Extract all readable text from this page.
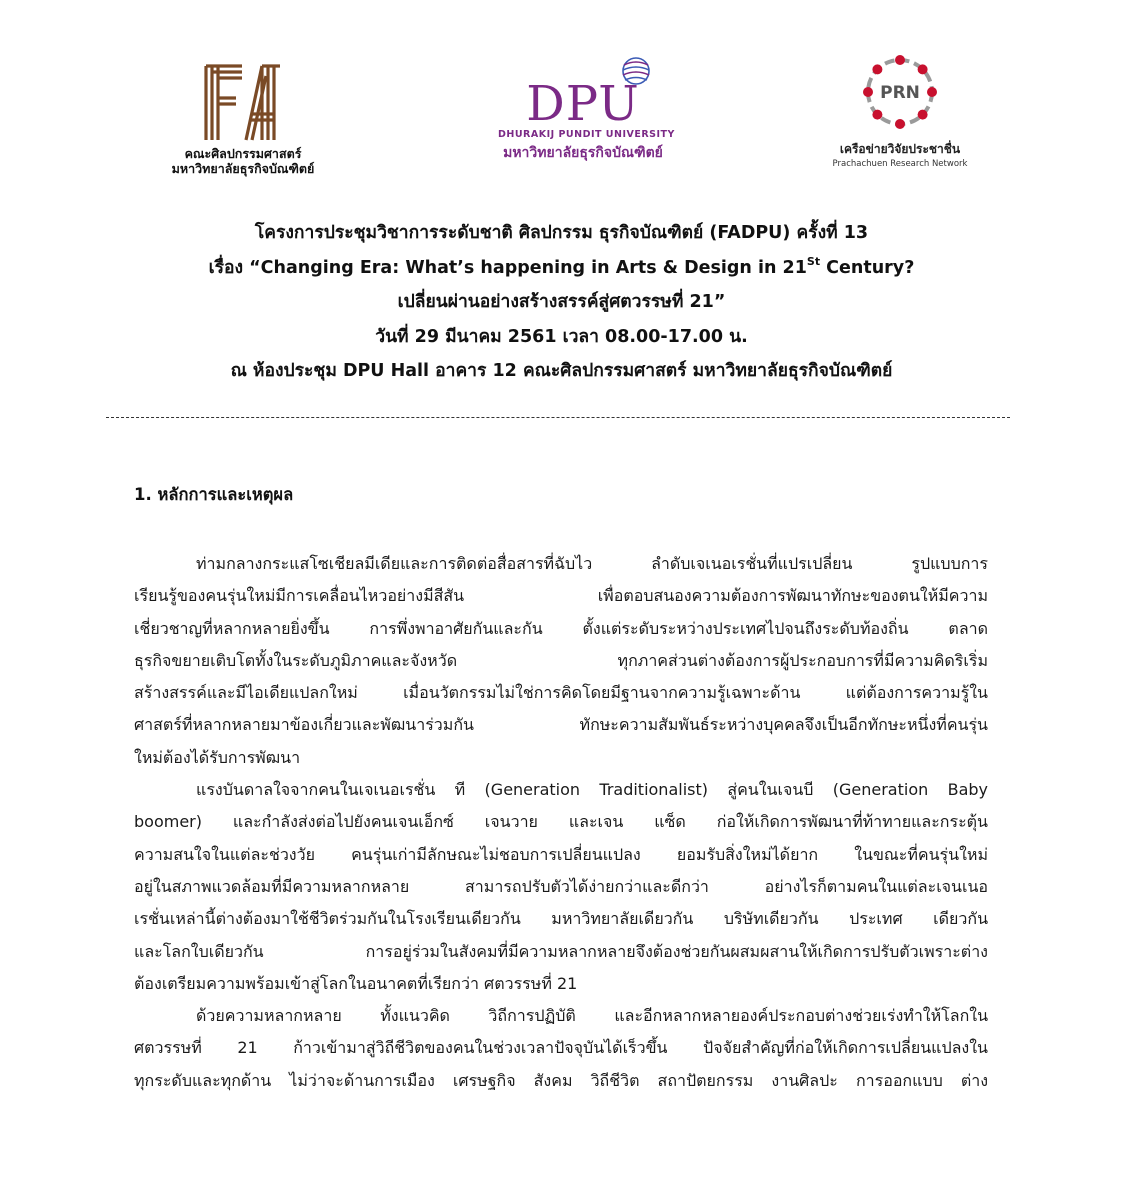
คณะศิลปกรรมศาสตร์
มหาวิทยาลัยธุรกิจบัณฑิตย์
DPU
DHURAKIJ PUNDIT UNIVERSITY
มหาวิทยาลัยธุรกิจบัณฑิตย์
PRN
เครือข่ายวิจัยประชาชื่น
Prachachuen Research Network
โครงการประชุมวิชาการระดับชาติ ศิลปกรรม ธุรกิจบัณฑิตย์ (FADPU) ครั้งที่ 13
เรื่อง “Changing Era: What’s happening in Arts & Design in 21St Century?
เปลี่ยนผ่านอย่างสร้างสรรค์สู่ศตวรรษที่ 21”
วันที่ 29 มีนาคม 2561 เวลา 08.00-17.00 น.
ณ ห้องประชุม DPU Hall อาคาร 12 คณะศิลปกรรมศาสตร์ มหาวิทยาลัยธุรกิจบัณฑิตย์
1. หลักการและเหตุผล
ท่ามกลางกระแสโซเชียลมีเดียและการติดต่อสื่อสารที่ฉับไว ลำดับเจเนอเรชั่นที่แปรเปลี่ยน รูปแบบการ
เรียนรู้ของคนรุ่นใหม่มีการเคลื่อนไหวอย่างมีสีสัน เพื่อตอบสนองความต้องการพัฒนาทักษะของตนให้มีความ
เชี่ยวชาญที่หลากหลายยิ่งขึ้น การพึ่งพาอาศัยกันและกัน ตั้งแต่ระดับระหว่างประเทศไปจนถึงระดับท้องถิ่น ตลาด
ธุรกิจขยายเติบโตทั้งในระดับภูมิภาคและจังหวัด ทุกภาคส่วนต่างต้องการผู้ประกอบการที่มีความคิดริเริ่ม
สร้างสรรค์และมีไอเดียแปลกใหม่ เมื่อนวัตกรรมไม่ใช่การคิดโดยมีฐานจากความรู้เฉพาะด้าน แต่ต้องการความรู้ใน
ศาสตร์ที่หลากหลายมาข้องเกี่ยวและพัฒนาร่วมกัน ทักษะความสัมพันธ์ระหว่างบุคคลจึงเป็นอีกทักษะหนึ่งที่คนรุ่น
ใหม่ต้องได้รับการพัฒนา
แรงบันดาลใจจากคนในเจเนอเรชั่น ที (Generation Traditionalist) สู่คนในเจนบี (Generation Baby
boomer) และกำลังส่งต่อไปยังคนเจนเอ็กซ์ เจนวาย และเจน แซ็ด ก่อให้เกิดการพัฒนาที่ท้าทายและกระตุ้น
ความสนใจในแต่ละช่วงวัย คนรุ่นเก่ามีลักษณะไม่ชอบการเปลี่ยนแปลง ยอมรับสิ่งใหม่ได้ยาก ในขณะที่คนรุ่นใหม่
อยู่ในสภาพแวดล้อมที่มีความหลากหลาย สามารถปรับตัวได้ง่ายกว่าและดีกว่า อย่างไรก็ตามคนในแต่ละเจนเนอ
เรชั่นเหล่านี้ต่างต้องมาใช้ชีวิตร่วมกันในโรงเรียนเดียวกัน มหาวิทยาลัยเดียวกัน บริษัทเดียวกัน ประเทศ เดียวกัน
และโลกใบเดียวกัน การอยู่ร่วมในสังคมที่มีความหลากหลายจึงต้องช่วยกันผสมผสานให้เกิดการปรับตัวเพราะต่าง
ต้องเตรียมความพร้อมเข้าสู่โลกในอนาคตที่เรียกว่า ศตวรรษที่ 21
ด้วยความหลากหลาย ทั้งแนวคิด วิถีการปฏิบัติ และอีกหลากหลายองค์ประกอบต่างช่วยเร่งทำให้โลกใน
ศตวรรษที่ 21 ก้าวเข้ามาสู่วิถีชีวิตของคนในช่วงเวลาปัจจุบันได้เร็วขึ้น ปัจจัยสำคัญที่ก่อให้เกิดการเปลี่ยนแปลงใน
ทุกระดับและทุกด้าน ไม่ว่าจะด้านการเมือง เศรษฐกิจ สังคม วิถีชีวิต สถาปัตยกรรม งานศิลปะ การออกแบบ ต่าง
